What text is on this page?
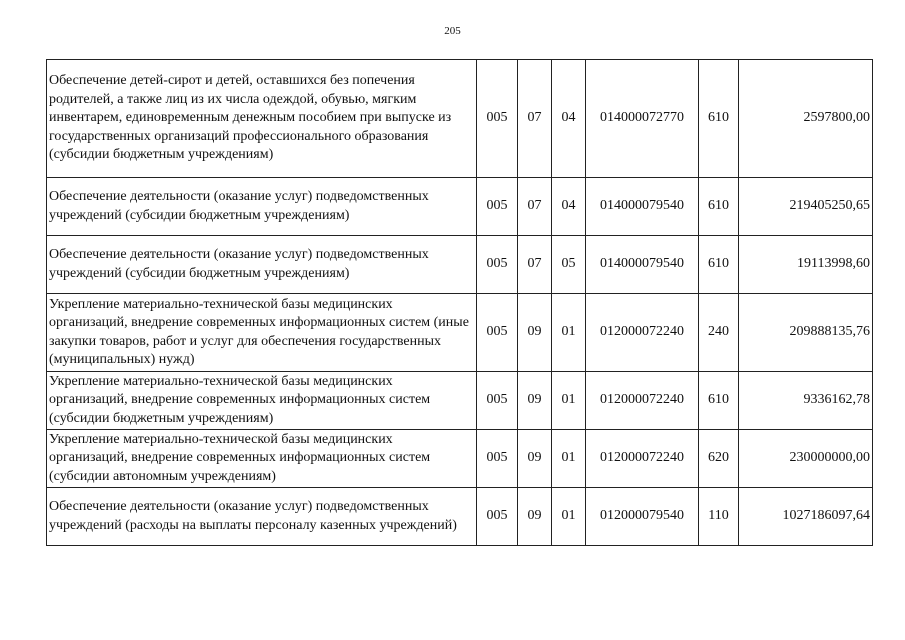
205
Обеспечение детей-сирот и детей, оставшихся без попечения родителей, а также лиц из их числа одеждой, обувью, мягким инвентарем, единовременным денежным пособием при выпуске из государственных организаций профессионального образования (субсидии бюджетным учреждениям)	005	07	04	014000072770	610	2597800,00
Обеспечение деятельности (оказание услуг) подведомственных учреждений (субсидии бюджетным учреждениям)	005	07	04	014000079540	610	219405250,65
Обеспечение деятельности (оказание услуг) подведомственных учреждений (субсидии бюджетным учреждениям)	005	07	05	014000079540	610	19113998,60
Укрепление материально-технической базы медицинских организаций, внедрение современных информационных систем (иные закупки товаров, работ и услуг для обеспечения государственных (муниципальных) нужд)	005	09	01	012000072240	240	209888135,76
Укрепление материально-технической базы медицинских организаций, внедрение современных информационных систем (субсидии бюджетным учреждениям)	005	09	01	012000072240	610	9336162,78
Укрепление материально-технической базы медицинских организаций, внедрение современных информационных систем (субсидии автономным учреждениям)	005	09	01	012000072240	620	230000000,00
Обеспечение деятельности (оказание услуг) подведомственных учреждений (расходы на выплаты персоналу казенных учреждений)	005	09	01	012000079540	110	1027186097,64
